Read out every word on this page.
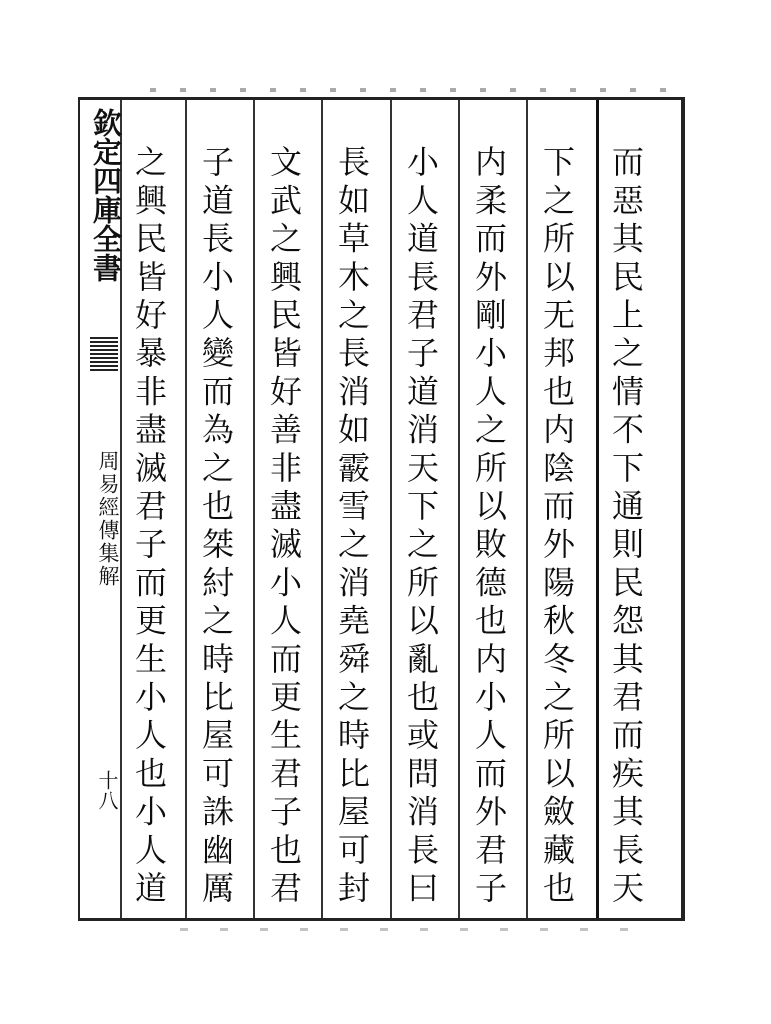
欽定四庫全書
周易經傳集解
十八	而惡其民上之情不下通則民怨其君而疾其長天
下之所以无邦也内陰而外陽秋冬之所以斂藏也
内柔而外剛小人之所以敗德也内小人而外君子
小人道長君子道消天下之所以亂也或問消長曰
長如草木之長消如霰雪之消堯舜之時比屋可封
文武之興民皆好善非盡滅小人而更生君子也君
子道長小人變而為之也桀紂之時比屋可誅幽厲
之興民皆好暴非盡滅君子而更生小人也小人道
